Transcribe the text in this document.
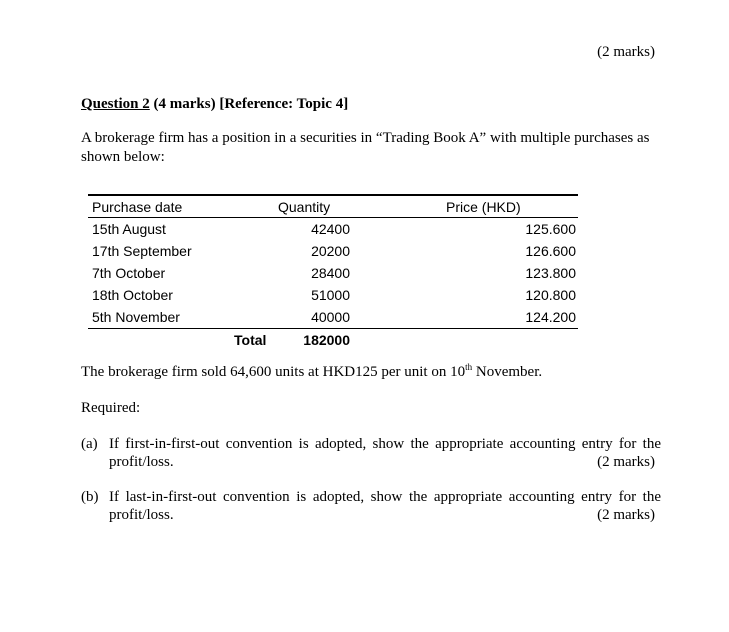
(2 marks)
Question 2 (4 marks) [Reference: Topic 4]
A brokerage firm has a position in a securities in “Trading Book A” with multiple purchases as shown below:
Purchase date	Quantity	Price (HKD)
15th August	42400	125.600
17th September	20200	126.600
7th October	28400	123.800
18th October	51000	120.800
5th November	40000	124.200
Total	182000
The brokerage firm sold 64,600 units at HKD125 per unit on 10th November.
Required:
(a) If first-in-first-out convention is adopted, show the appropriate accounting entry for the profit/loss.	(2 marks)
(b) If last-in-first-out convention is adopted, show the appropriate accounting entry for the profit/loss.	(2 marks)
